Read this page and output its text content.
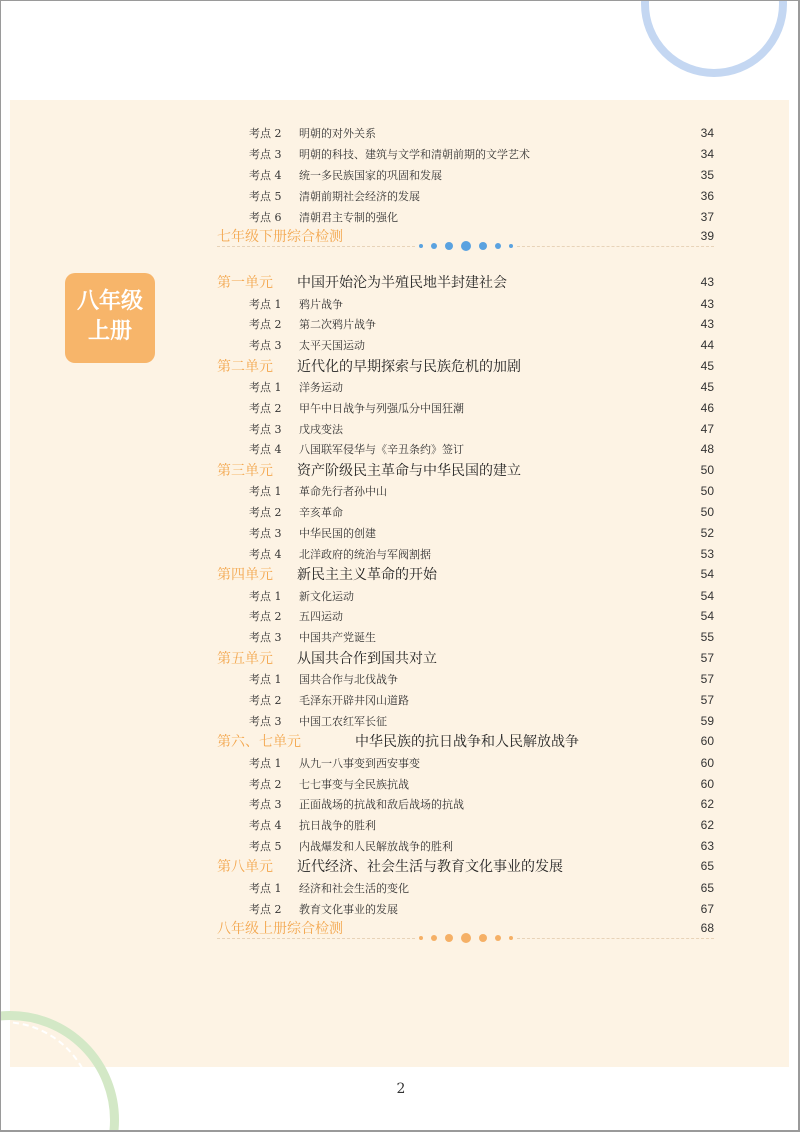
八年级
上册
考点 2	明朝的对外关系	34
考点 3	明朝的科技、建筑与文学和清朝前期的文学艺术	34
考点 4	统一多民族国家的巩固和发展	35
考点 5	清朝前期社会经济的发展	36
考点 6	清朝君主专制的强化	37
七年级下册综合检测	39
第一单元	中国开始沦为半殖民地半封建社会	43
考点 1	鸦片战争	43
考点 2	第二次鸦片战争	43
考点 3	太平天国运动	44
第二单元	近代化的早期探索与民族危机的加剧	45
考点 1	洋务运动	45
考点 2	甲午中日战争与列强瓜分中国狂潮	46
考点 3	戊戌变法	47
考点 4	八国联军侵华与《辛丑条约》签订	48
第三单元	资产阶级民主革命与中华民国的建立	50
考点 1	革命先行者孙中山	50
考点 2	辛亥革命	50
考点 3	中华民国的创建	52
考点 4	北洋政府的统治与军阀割据	53
第四单元	新民主主义革命的开始	54
考点 1	新文化运动	54
考点 2	五四运动	54
考点 3	中国共产党诞生	55
第五单元	从国共合作到国共对立	57
考点 1	国共合作与北伐战争	57
考点 2	毛泽东开辟井冈山道路	57
考点 3	中国工农红军长征	59
第六、七单元	中华民族的抗日战争和人民解放战争	60
考点 1	从九一八事变到西安事变	60
考点 2	七七事变与全民族抗战	60
考点 3	正面战场的抗战和敌后战场的抗战	62
考点 4	抗日战争的胜利	62
考点 5	内战爆发和人民解放战争的胜利	63
第八单元	近代经济、社会生活与教育文化事业的发展	65
考点 1	经济和社会生活的变化	65
考点 2	教育文化事业的发展	67
八年级上册综合检测	68
2
